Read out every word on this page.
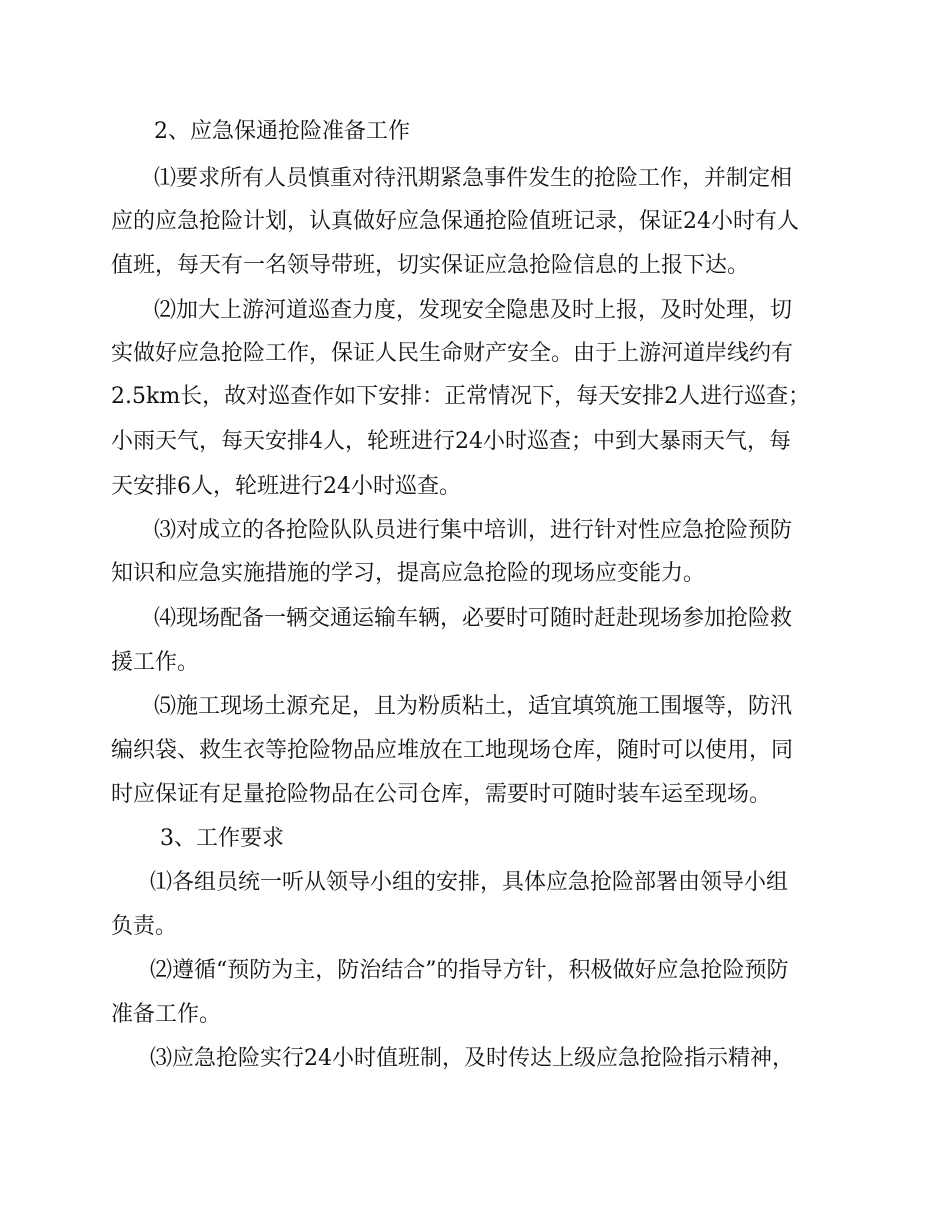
2、应急保通抢险准备工作
⑴要求所有人员慎重对待汛期紧急事件发生的抢险工作，并制定相
应的应急抢险计划，认真做好应急保通抢险值班记录，保证24小时有人
值班，每天有一名领导带班，切实保证应急抢险信息的上报下达。
⑵加大上游河道巡查力度，发现安全隐患及时上报，及时处理，切
实做好应急抢险工作，保证人民生命财产安全。由于上游河道岸线约有
2.5km长，故对巡查作如下安排：正常情况下，每天安排2人进行巡查；
小雨天气，每天安排4人，轮班进行24小时巡查；中到大暴雨天气，每
天安排6人，轮班进行24小时巡查。
⑶对成立的各抢险队队员进行集中培训，进行针对性应急抢险预防
知识和应急实施措施的学习，提高应急抢险的现场应变能力。
⑷现场配备一辆交通运输车辆，必要时可随时赶赴现场参加抢险救
援工作。
⑸施工现场土源充足，且为粉质粘土，适宜填筑施工围堰等，防汛
编织袋、救生衣等抢险物品应堆放在工地现场仓库，随时可以使用，同
时应保证有足量抢险物品在公司仓库，需要时可随时装车运至现场。
3、工作要求
⑴各组员统一听从领导小组的安排，具体应急抢险部署由领导小组
负责。
⑵遵循“预防为主，防治结合”的指导方针，积极做好应急抢险预防
准备工作。
⑶应急抢险实行24小时值班制，及时传达上级应急抢险指示精神，
